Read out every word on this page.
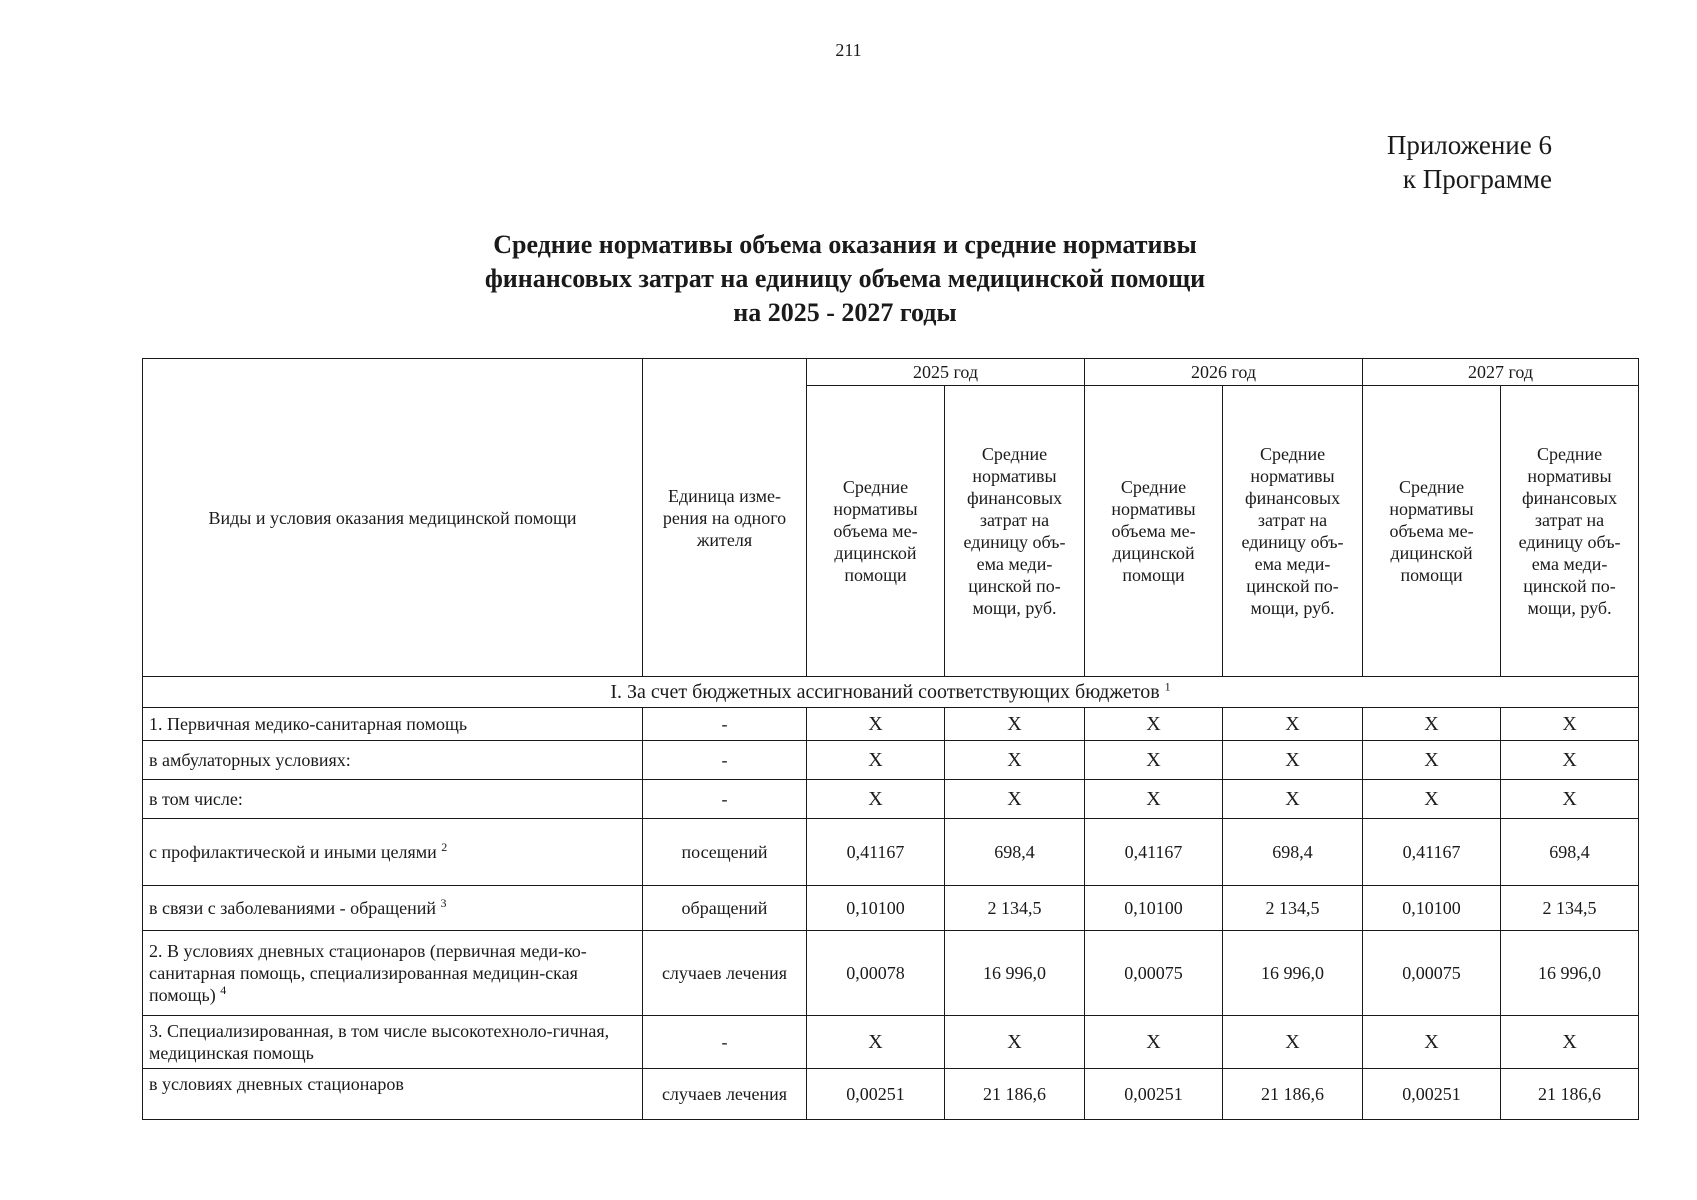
211
Приложение 6
к Программе
Средние нормативы объема оказания и средние нормативы
финансовых затрат на единицу объема медицинской помощи
на 2025 - 2027 годы
Виды и условия оказания медицинской помощи	Единица изме-рения на одного жителя	2025 год		2026 год		2027 год	
		Средние нормативы объема ме-дицинской помощи	Средние нормативы финансовых затрат на единицу объ-ема меди-цинской по-мощи, руб.	Средние нормативы объема ме-дицинской помощи	Средние нормативы финансовых затрат на единицу объ-ема меди-цинской по-мощи, руб.	Средние нормативы объема ме-дицинской помощи	Средние нормативы финансовых затрат на единицу объ-ема меди-цинской по-мощи, руб.
I. За счет бюджетных ассигнований соответствующих бюджетов $^1$
1. Первичная медико-санитарная помощь	-	Х	Х	Х	Х	Х	Х
в амбулаторных условиях:	-	Х	Х	Х	Х	Х	Х
в том числе:	-	Х	Х	Х	Х	Х	Х
с профилактической и иными целями $^2$	посещений	0,41167	698,4	0,41167	698,4	0,41167	698,4
в связи с заболеваниями - обращений $^3$	обращений	0,10100	2 134,5	0,10100	2 134,5	0,10100	2 134,5
2. В условиях дневных стационаров (первичная меди-ко-санитарная помощь, специализированная медицин-ская помощь) $^4$	случаев лечения	0,00078	16 996,0	0,00075	16 996,0	0,00075	16 996,0
3. Специализированная, в том числе высокотехноло-гичная, медицинская помощь	-	Х	Х	Х	Х	Х	Х
в условиях дневных стационаров	случаев лечения	0,00251	21 186,6	0,00251	21 186,6	0,00251	21 186,6
